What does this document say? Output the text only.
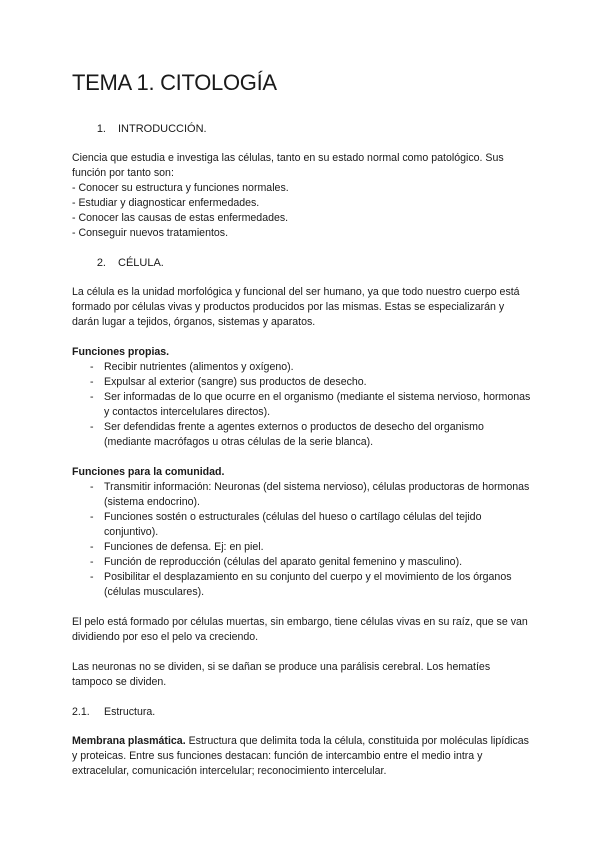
TEMA 1. CITOLOGÍA
1.	INTRODUCCIÓN.
Ciencia que estudia e investiga las células, tanto en su estado normal como patológico. Sus función por tanto son:
- Conocer su estructura y funciones normales.
- Estudiar y diagnosticar enfermedades.
- Conocer las causas de estas enfermedades.
- Conseguir nuevos tratamientos.
2.	CÉLULA.

La célula es la unidad morfológica y funcional del ser humano, ya que todo nuestro cuerpo está formado por células vivas y productos producidos por las mismas. Estas se especializarán y darán lugar a tejidos, órganos, sistemas y aparatos.

Funciones propias.
- Recibir nutrientes (alimentos y oxígeno).
- Expulsar al exterior (sangre) sus productos de desecho.
- Ser informadas de lo que ocurre en el organismo (mediante el sistema nervioso, hormonas y contactos intercelulares directos).
- Ser defendidas frente a agentes externos o productos de desecho del organismo (mediante macrófagos u otras células de la serie blanca).
Funciones para la comunidad.
- Transmitir información: Neuronas (del sistema nervioso), células productoras de hormonas (sistema endocrino).
- Funciones sostén o estructurales (células del hueso o cartílago células del tejido conjuntivo).
- Funciones de defensa. Ej: en piel.
- Función de reproducción (células del aparato genital femenino y masculino).
- Posibilitar el desplazamiento en su conjunto del cuerpo y el movimiento de los órganos (células musculares).

El pelo está formado por células muertas, sin embargo, tiene células vivas en su raíz, que se van dividiendo por eso el pelo va creciendo.

Las neuronas no se dividen, si se dañan se produce una parálisis cerebral. Los hematíes tampoco se dividen.

2.1.	Estructura.

Membrana plasmática. Estructura que delimita toda la célula, constituida por moléculas lipídicas y proteicas. Entre sus funciones destacan: función de intercambio entre el medio intra y extracelular, comunicación intercelular; reconocimiento intercelular.
